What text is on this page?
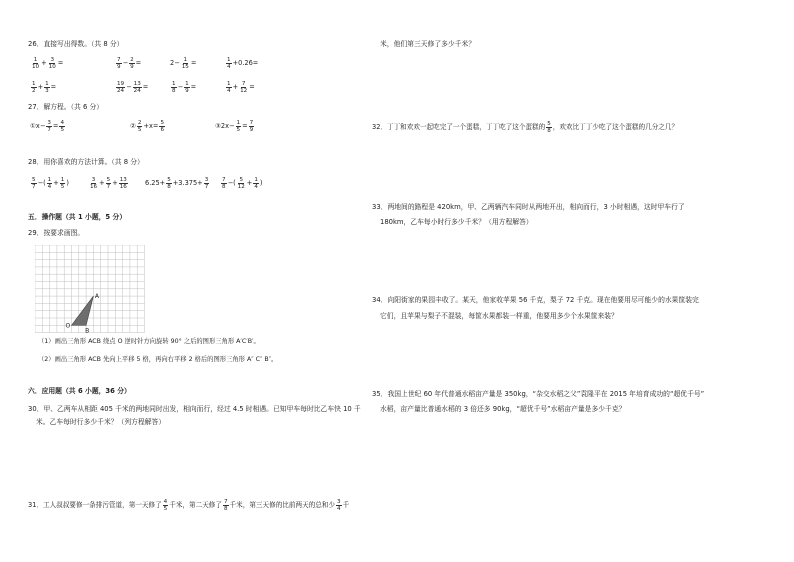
26．直接写出得数。（共 8 分）
$\frac{1}{10} + \frac{3}{10}$ =	$\frac{7}{9} - \frac{2}{9}$ =	$2- \frac{1}{15}$ =	$\frac{1}{4} +0.26=$
$\frac{1}{2} + \frac{1}{3}$ =	$\frac{19}{24} - \frac{13}{24}$ =	$\frac{1}{8} - \frac{1}{9}$ =	$\frac{1}{4} + \frac{7}{12}$ =
27．解方程。（共 6 分）
①x− $\frac{3}{7} = \frac{4}{5}$	② $\frac{2}{5} +x= \frac{5}{6}$	③2x− $\frac{1}{5} = \frac{7}{9}$
28．用你喜欢的方法计算。（共 8 分）
$\frac{5}{7}$ −( $\frac{1}{4} + \frac{1}{5}$ )	$\frac{3}{16} + \frac{5}{7} + \frac{13}{16}$	$6.25+ \frac{5}{8} +3.375+ \frac{3}{7} \frac{7}{8}$ −( $\frac{5}{12} + \frac{1}{4}$ )
五．操作题（共 1 小题，5 分）
29．按要求画图。
A
O
B
（1）画出三角形 ACB 绕点 O 逆时针方向旋转 90° 之后的图形三角形 A′C′B′。
（2）画出三角形 ACB 先向上平移 5 格，再向右平移 2 格后的图形三角形 A″ C″ B″。
六．应用题（共 6 小题，36 分）
30．甲、乙两车从相距 405 千米的两地同时出发，相向而行，经过 4.5 时相遇。已知甲车每时比乙车快 10 千
米。乙车每时行多少千米？（列方程解答）
31．工人叔叔要修一条排污管道，第一天修了 $\frac{4}{5}$ 千米，第二天修了 $\frac{7}{8}$ 千米，第三天修的比前两天的总和少 $\frac{3}{4}$ 千
米，他们第三天修了多少千米？
32．丁丁和欢欢一起吃完了一个蛋糕，丁丁吃了这个蛋糕的 $\frac{5}{8}$ ，欢欢比丁丁少吃了这个蛋糕的几分之几？
33．两地间的路程是 420km，甲、乙两辆汽车同时从两地开出，相向而行，3 小时相遇，这时甲车行了
180km，乙车每小时行多少千米？（用方程解答）
34．向阳街家的果园丰收了。某天，他家收苹果 56 千克，梨子 72 千克。现在他要用尽可能少的水果筐装完
它们，且苹果与梨子不混装，每筐水果都装一样重，他要用多少个水果筐来装？
35．我国上世纪 60 年代普通水稻亩产量是 350kg，“杂交水稻之父”袁隆平在 2015 年培育成功的“超优千号”
水稻，亩产量比普通水稻的 3 倍还多 90kg，“超优千号”水稻亩产量是多少千克？
